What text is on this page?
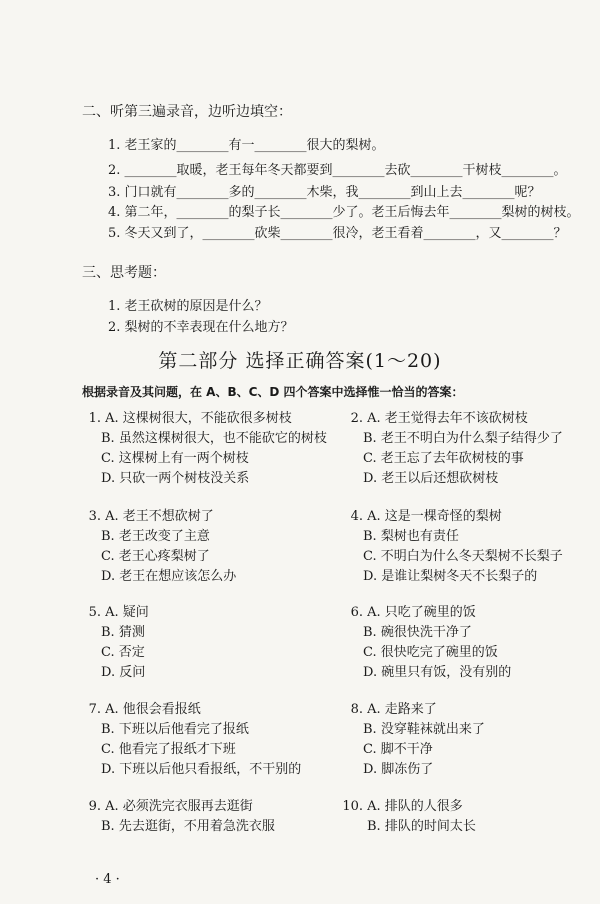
二、听第三遍录音，边听边填空：
1. 老王家的________有一________很大的梨树。
2. ________取暖，老王每年冬天都要到________去砍________干树枝________。
3. 门口就有________多的________木柴，我________到山上去________呢？
4. 第二年，________的梨子长________少了。老王后悔去年________梨树的树枝。
5. 冬天又到了，________砍柴________很冷，老王看着________，又________？
三、思考题：
1. 老王砍树的原因是什么？
2. 梨树的不幸表现在什么地方？
第二部分 选择正确答案(1～20)
根据录音及其问题，在 A、B、C、D 四个答案中选择惟一恰当的答案：
1. A. 这棵树很大，不能砍很多树枝
B. 虽然这棵树很大，也不能砍它的树枝
C. 这棵树上有一两个树枝
D. 只砍一两个树枝没关系
2. A. 老王觉得去年不该砍树枝
B. 老王不明白为什么梨子结得少了
C. 老王忘了去年砍树枝的事
D. 老王以后还想砍树枝
3. A. 老王不想砍树了
B. 老王改变了主意
C. 老王心疼梨树了
D. 老王在想应该怎么办
4. A. 这是一棵奇怪的梨树
B. 梨树也有责任
C. 不明白为什么冬天梨树不长梨子
D. 是谁让梨树冬天不长梨子的
5. A. 疑问
B. 猜测
C. 否定
D. 反问
6. A. 只吃了碗里的饭
B. 碗很快洗干净了
C. 很快吃完了碗里的饭
D. 碗里只有饭，没有别的
7. A. 他很会看报纸
B. 下班以后他看完了报纸
C. 他看完了报纸才下班
D. 下班以后他只看报纸，不干别的
8. A. 走路来了
B. 没穿鞋袜就出来了
C. 脚不干净
D. 脚冻伤了
9. A. 必须洗完衣服再去逛街
B. 先去逛街，不用着急洗衣服
10. A. 排队的人很多
B. 排队的时间太长
· 4 ·
